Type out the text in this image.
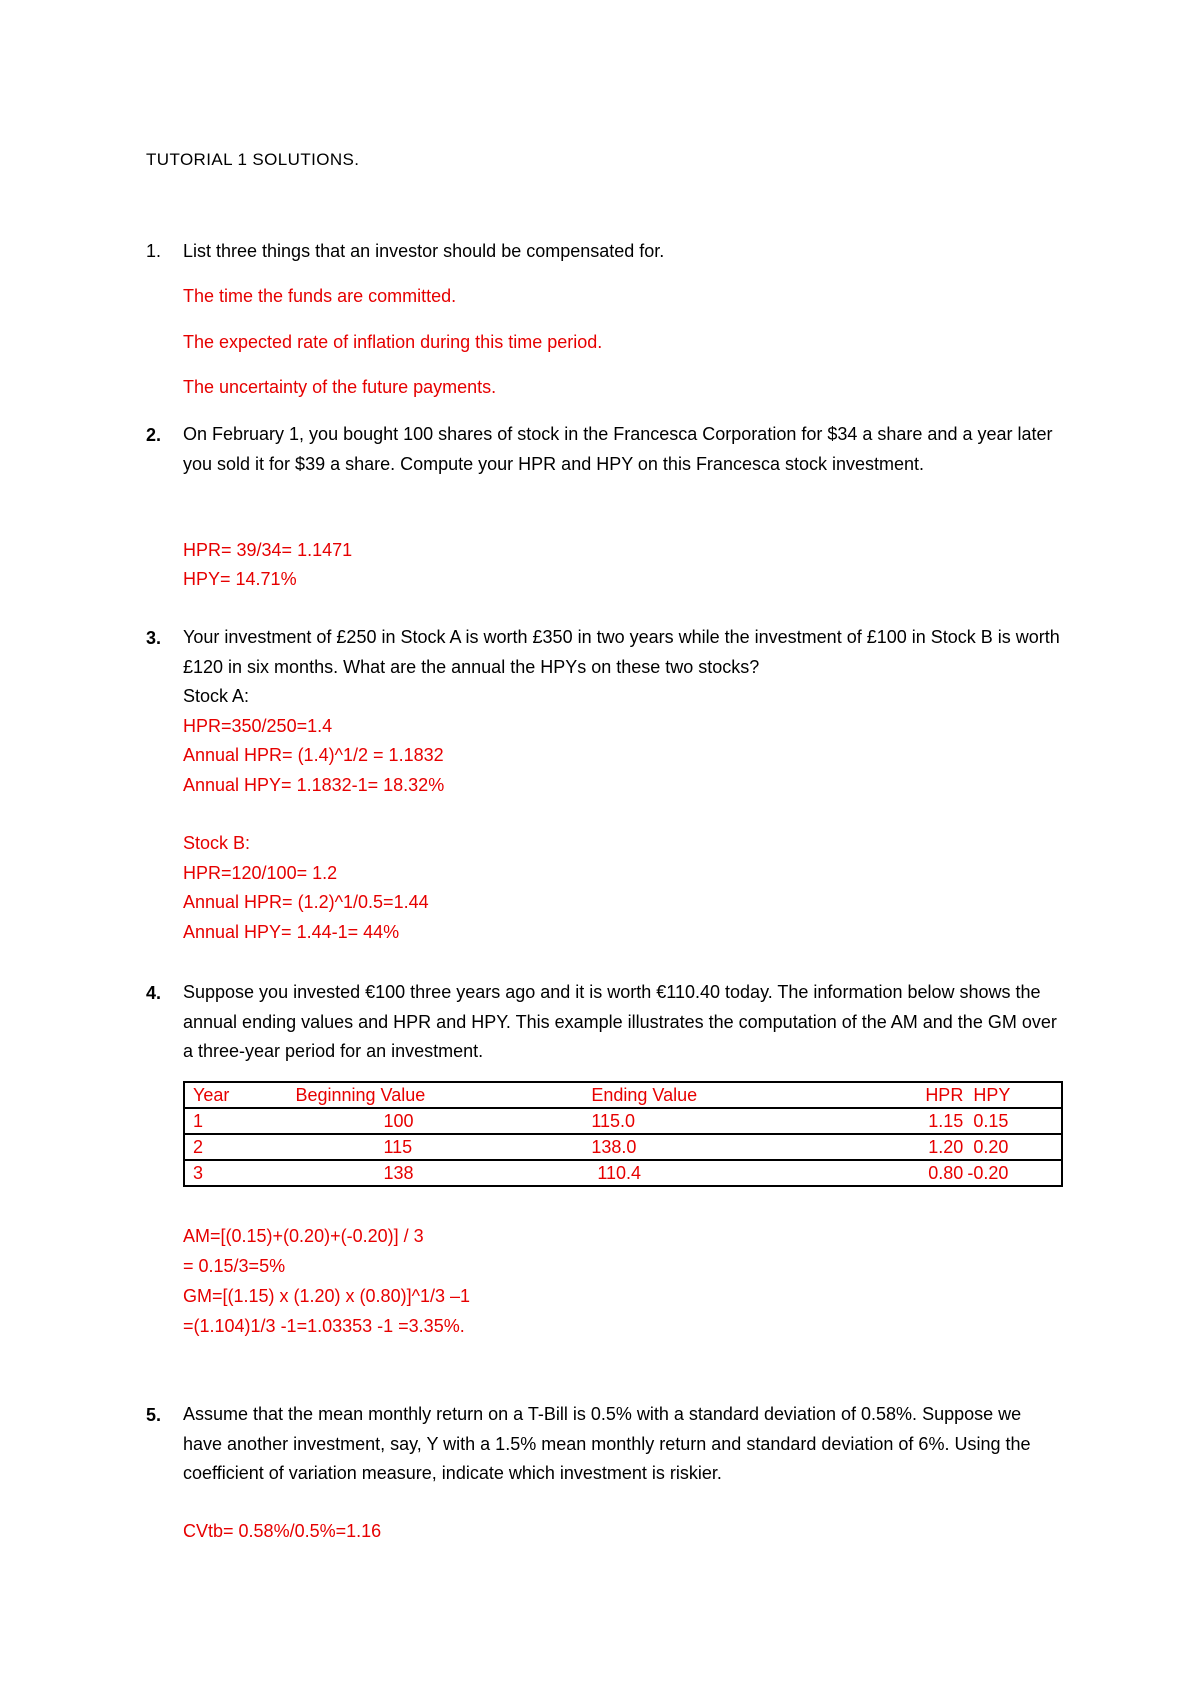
TUTORIAL 1 SOLUTIONS.
1. List three things that an investor should be compensated for.
The time the funds are committed.
The expected rate of inflation during this time period.
The uncertainty of the future payments.
2. On February 1, you bought 100 shares of stock in the Francesca Corporation for $34 a share and a year later you sold it for $39 a share. Compute your HPR and HPY on this Francesca stock investment.
HPR= 39/34= 1.1471
HPY= 14.71%
3. Your investment of £250 in Stock A is worth £350 in two years while the investment of £100 in Stock B is worth £120 in six months. What are the annual the HPYs on these two stocks?
Stock A:
HPR=350/250=1.4
Annual HPR= (1.4)^1/2 = 1.1832
Annual HPY= 1.1832-1= 18.32%
Stock B:
HPR=120/100= 1.2
Annual HPR= (1.2)^1/0.5=1.44
Annual HPY= 1.44-1= 44%
4. Suppose you invested €100 three years ago and it is worth €110.40 today. The information below shows the annual ending values and HPR and HPY. This example illustrates the computation of the AM and the GM over a three-year period for an investment.
Year	Beginning Value	Ending Value	HPR	HPY
1	100	115.0	1.15	0.15
2	115	138.0	1.20	0.20
3	138	110.4	0.80	-0.20
AM=[(0.15)+(0.20)+(-0.20)] / 3
= 0.15/3=5%
GM=[(1.15) x (1.20) x (0.80)]^1/3 –1
=(1.104)1/3 -1=1.03353 -1 =3.35%.
5. Assume that the mean monthly return on a T-Bill is 0.5% with a standard deviation of 0.58%. Suppose we have another investment, say, Y with a 1.5% mean monthly return and standard deviation of 6%. Using the coefficient of variation measure, indicate which investment is riskier.
CVtb= 0.58%/0.5%=1.16
